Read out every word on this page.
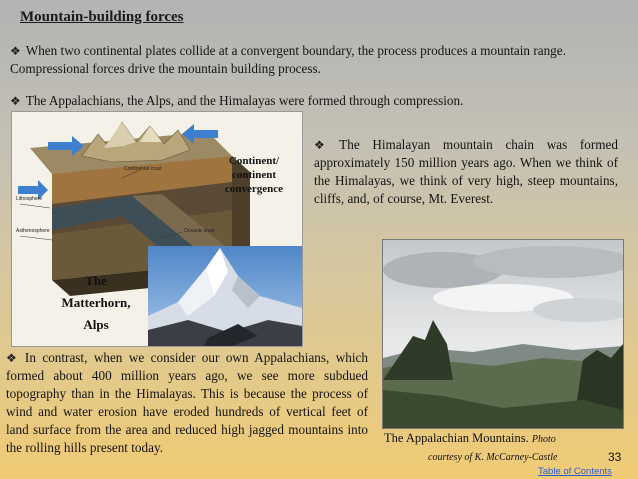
Mountain-building forces
❖ When two continental plates collide at a convergent boundary, the process produces a mountain range. Compressional forces drive the mountain building process.
❖ The Appalachians, the Alps, and the Himalayas were formed through compression.
Lithosphere
Asthenosphere
Continental crust
Oceanic crust
Continent/
continent
convergence
The
Matterhorn,
Alps
❖ The Himalayan mountain chain was formed approximately 150 million years ago. When we think of the Himalayas, we think of very high, steep mountains, cliffs, and, of course, Mt. Everest.
❖ In contrast, when we consider our own Appalachians, which formed about 400 million years ago, we see more subdued topography than in the Himalayas. This is because the process of wind and water erosion have eroded hundreds of vertical feet of land surface from the area and reduced high jagged mountains into the rolling hills present today.
The Appalachian Mountains. Photo
courtesy of K. McCarney-Castle	33
Table of Contents
